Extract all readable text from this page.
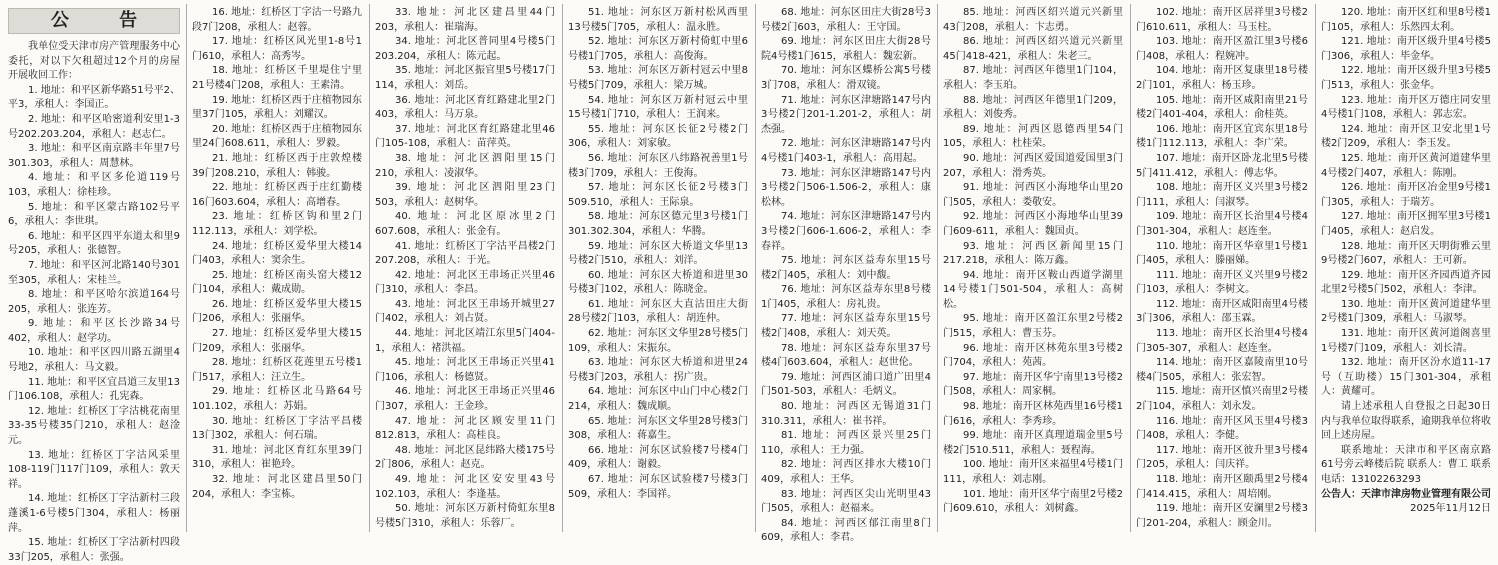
公 告

我单位受天津市房产管理服务中心委托，对以下欠租超过12个月的房屋开展收回工作：

1. 地址：和平区新华路51号平2、平3，承租人：李国正。

2. 地址：和平区哈密道利安里1-3号202.203.204，承租人：赵志仁。

3. 地址：和平区南京路丰年里7号301.303，承租人：周慧林。

4. 地址：和平区多伦道119号103，承租人：徐桂珍。

5. 地址：和平区蒙古路102号平6，承租人：李世琪。

6. 地址：和平区四平东道太和里9号205，承租人：张德智。

7. 地址：和平区河北路140号301至305，承租人：宋桂兰。

8. 地址：和平区哈尔滨道164号205，承租人：张连芳。

9. 地址：和平区长沙路34号402，承租人：赵学功。

10. 地址：和平区四川路五湖里4号地2，承租人：马文毅。

11. 地址：和平区宜昌道三友里13门106.108，承租人：孔宪森。

12. 地址：红桥区丁字沽桃花南里33-35号楼35门210，承租人：赵淦元。

13. 地址：红桥区丁字沽风采里108-119门117门109，承租人：敦天祥。

14. 地址：红桥区丁字沽新村三段蓬溪1-6号楼5门304，承租人：杨丽萍。

15. 地址：红桥区丁字沽新村四段33门205，承租人：张强。

16. 地址：红桥区丁字沽一号路九段7门208，承租人：赵蓉。

17. 地址：红桥区风光里1-8号1门610，承租人：高秀岑。

18. 地址：红桥区千里堤住宁里21号楼4门208，承租人：王素清。

19. 地址：红桥区西于庄植物园东里37门105，承租人：刘耀汉。

20. 地址：红桥区西于庄植物园东里24门608.611，承租人：罗毅。

21. 地址：红桥区西于庄敦煌楼39门208.210，承租人：韩骏。

22. 地址：红桥区西于庄红勤楼16门603.604，承租人：高增春。

23. 地址：红桥区钩和里2门112.113，承租人：刘学松。

24. 地址：红桥区爱华里大楼14门403，承租人：窦余生。

25. 地址：红桥区南头窑大楼12门104，承租人：戴成勋。

26. 地址：红桥区爱华里大楼15门206，承租人：张丽华。

27. 地址：红桥区爱华里大楼15门209，承租人：张丽华。

28. 地址：红桥区花莲里五号楼1门517，承租人：汪立生。

29. 地址：红桥区北马路64号101.102，承租人：苏娟。

30. 地址：红桥区丁字沽平昌楼13门302，承租人：何石瑞。

31. 地址：河北区育红东里39门310，承租人：崔艳玲。

32. 地址：河北区建昌里50门204，承租人：李宝栋。

33. 地址：河北区建昌里44门203，承租人：崔瑞海。

34. 地址：河北区普同里4号楼5门203.204，承租人：陈元起。

35. 地址：河北区振官里5号楼17门114，承租人：刘岳。

36. 地址：河北区育红路建北里2门403，承租人：马万泉。

37. 地址：河北区育红路建北里46门105-108，承租人：苗萍英。

38. 地址：河北区泗阳里15门210，承租人：凌淑华。

39. 地址：河北区泗阳里23门503，承租人：赵树华。

40. 地址：河北区原冰里2门607.608，承租人：张金有。

41. 地址：红桥区丁字沽平昌楼2门207.208，承租人：于光。

42. 地址：河北区王串场正兴里46门310，承租人：李昌。

43. 地址：河北区王串场开城里27门402，承租人：刘占贤。

44. 地址：河北区靖江东里5门404-1，承租人：褚洪福。

45. 地址：河北区王串场正兴里41门106，承租人：杨德贤。

46. 地址：河北区王串场正兴里46门307，承租人：王金珍。

47. 地址：河北区顾安里11门812.813，承租人：高桂良。

48. 地址：河北区昆纬路大楼175号2门806，承租人：赵克。

49. 地址：河北区安安里43号102.103，承租人：李逢基。

50. 地址：河东区万新村倚虹东里8号楼5门310，承租人：乐蓉厂。

51. 地址：河东区万新村松风西里13号楼5门705，承租人：温永胜。

52. 地址：河东区万新村倚虹中里6号楼1门705，承租人：高俊海。

53. 地址：河东区万新村冠云中里8号楼5门709，承租人：梁万城。

54. 地址：河东区万新村冠云中里15号楼1门710，承租人：王润来。

55. 地址：河东区长征2号楼2门306，承租人：刘家敏。

56. 地址：河东区八纬路祝善里1号楼3门709，承租人：王俊海。

57. 地址：河东区长征2号楼3门509.510，承租人：王际泉。

58. 地址：河东区德元里3号楼1门301.302.304，承租人：华腾。

59. 地址：河东区大桥道文华里13号楼2门510，承租人：刘洋。

60. 地址：河东区大桥道和进里30号楼3门102，承租人：陈晓金。

61. 地址：河东区大直沽田庄大街28号楼2门103，承租人：胡连仲。

62. 地址：河东区文华里28号楼5门109，承租人：宋振东。

63. 地址：河东区大桥道和进里24号楼3门203，承租人：拐广贵。

64. 地址：河东区中山门中心楼2门214，承租人：魏成顺。

65. 地址：河东区文华里28号楼3门308，承租人：蒋嘉生。

66. 地址：河东区试验楼7号楼4门409，承租人：谢毅。

67. 地址：河东区试验楼7号楼3门509，承租人：李国祥。

68. 地址：河东区田庄大街28号3号楼2门603，承租人：王守国。

69. 地址：河东区田庄大街28号院4号楼1门615，承租人：魏宏新。

70. 地址：河东区蝶桥公寓5号楼3门708，承租人：滑双镜。

71. 地址：河东区津塘路147号内3号楼2门201-1.201-2，承租人：胡杰强。

72. 地址：河东区津塘路147号内4号楼1门403-1，承租人：高用起。

73. 地址：河东区津塘路147号内3号楼2门506-1.506-2，承租人：康松林。

74. 地址：河东区津塘路147号内3号楼2门606-1.606-2，承租人：李春祥。

75. 地址：河东区益寿东里15号楼2门405，承租人：刘中馥。

76. 地址：河东区益寿东里8号楼1门405，承租人：房礼贵。

77. 地址：河东区益寿东里15号楼2门408，承租人：刘天英。

78. 地址：河东区益寿东里37号楼4门603.604，承租人：赵世伦。

79. 地址：河西区浦口道广田里4门501-503，承租人：毛炳义。

80. 地址：河西区无锡道31门310.311，承租人：崔书祥。

81. 地址：河西区景兴里25门110，承租人：王力强。

82. 地址：河西区排水大楼10门409，承租人：王华。

83. 地址：河西区尖山光明里43门505，承租人：赵福来。

84. 地址：河西区郁江南里8门609，承租人：李君。

85. 地址：河西区绍兴道元兴新里43门208，承租人：卞志勇。

86. 地址：河西区绍兴道元兴新里45门418-421，承租人：朱老三。

87. 地址：河西区年德里1门104，承租人：李玉珀。

88. 地址：河西区年德里1门209，承租人：刘俊秀。

89. 地址：河西区恩德西里54门105，承租人：杜桂荣。

90. 地址：河西区爱国道爱国里3门207，承租人：滑秀英。

91. 地址：河西区小海地华山里20门505，承租人：娄敬安。

92. 地址：河西区小海地华山里39门609-611，承租人：魏国贞。

93. 地址：河西区新闻里15门217.218，承租人：陈万鑫。

94. 地址：南开区鞍山西道学湖里14号楼1门501-504，承租人：高树松。

95. 地址：南开区盈江东里2号楼2门515，承租人：曹玉芬。

96. 地址：南开区林苑东里3号楼2门704，承租人：苑茜。

97. 地址：南开区华宁南里13号楼2门508，承租人：周家桐。

98. 地址：南开区林苑西里16号楼1门616，承租人：李秀珍。

99. 地址：南开区真理道瑞金里5号楼2门510.511，承租人：聂程海。

100. 地址：南开区来福里4号楼1门111，承租人：刘志刚。

101. 地址：南开区华宁南里2号楼2门609.610，承租人：刘树鑫。

102. 地址：南开区居祥里3号楼2门610.611，承租人：马玉柱。

103. 地址：南开区盈江里3号楼6门408，承租人：程婉冲。

104. 地址：南开区复康里18号楼2门101，承租人：杨玉珍。

105. 地址：南开区咸阳南里21号楼2门401-404，承租人：俞桂英。

106. 地址：南开区宜宾东里18号楼1门112.113，承租人：李广荣。

107. 地址：南开区卧龙北里5号楼5门411.412，承租人：傅志华。

108. 地址：南开区义兴里3号楼2门111，承租人：闫淑琴。

109. 地址：南开区长治里4号楼4门301-304，承租人：赵连奎。

110. 地址：南开区华章里1号楼1门405，承租人：滕丽娣。

111. 地址：南开区义兴里9号楼2门103，承租人：李树文。

112. 地址：南开区咸阳南里4号楼3门306，承租人：邵玉霖。

113. 地址：南开区长治里4号楼4门305-307，承租人：赵连奎。

114. 地址：南开区嘉陵南里10号楼4门505，承租人：张宏智。

115. 地址：南开区慎兴南里2号楼2门104，承租人：刘永发。

116. 地址：南开区风玉里4号楼3门408，承租人：李健。

117. 地址：南开区彼升里3号楼4门205，承租人：闫庆祥。

118. 地址：南开区颐禹里2号楼4门414.415，承租人：周培刚。

119. 地址：南开区安澜里2号楼3门201-204，承租人：顾金川。

120. 地址：南开区红和里8号楼1门105，承租人：乐然四太利。

121. 地址：南开区级升里4号楼5门306，承租人：毕金华。

122. 地址：南开区级升里3号楼5门513，承租人：张金华。

123. 地址：南开区万德庄同安里4号楼1门108，承租人：郭志宏。

124. 地址：南开区卫安北里1号楼2门209，承租人：李玉发。

125. 地址：南开区黄河道建华里4号楼2门407，承租人：陈刚。

126. 地址：南开区冶金里9号楼1门305，承租人：于瑞芳。

127. 地址：南开区拥军里3号楼1门405，承租人：赵启发。

128. 地址：南开区天明街雅云里9号楼2门607，承租人：王可新。

129. 地址：南开区齐园西道齐园北里2号楼5门502，承租人：李津。

130. 地址：南开区黄河道建华里2号楼1门309，承租人：马淑琴。

131. 地址：南开区黄河道阁喜里1号楼7门109，承租人：刘长清。

132. 地址：南开区汾水道11-17号（互助楼）15门301-304，承租人：黄耀可。

请上述承租人自登报之日起30日内与我单位取得联系，逾期我单位将收回上述房屋。

联系地址：天津市和平区南京路61号旁云峰楼后院 联系人：曹工 联系电话：13102263293

公告人：天津市津房物业管理有限公司

2025年11月12日
